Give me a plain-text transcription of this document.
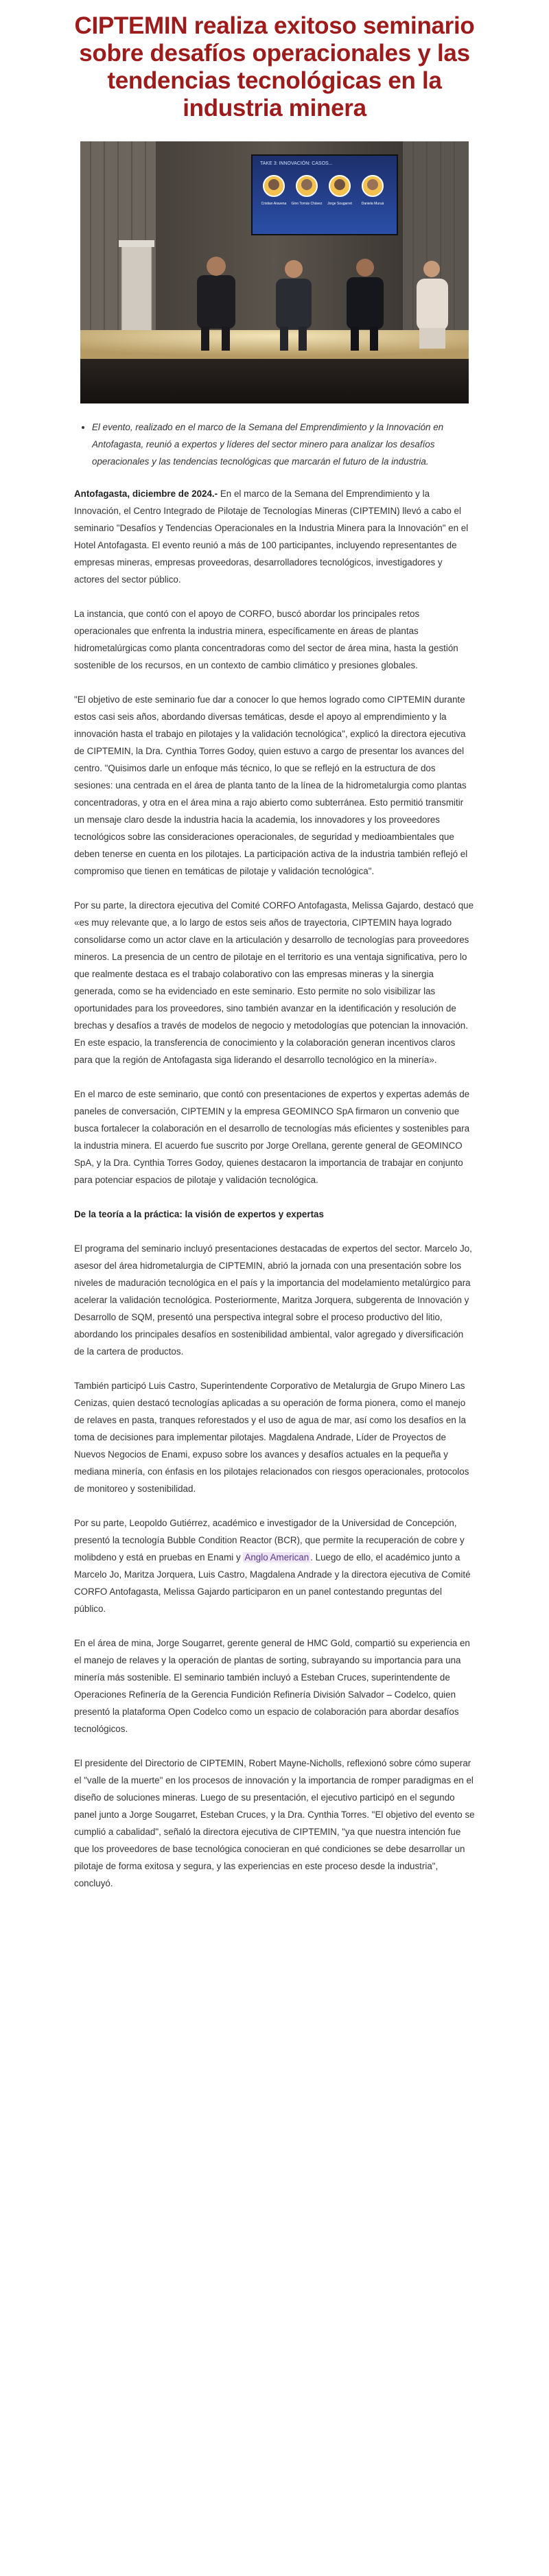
CIPTEMIN realiza exitoso seminario sobre desafíos operacionales y las tendencias tecnológicas en la industria minera
TAKE 3: INNOVACIÓN: CASOS...
Cristian Aravena Gino Tomás Chávez Jorge Sougarret	Daniela Muruá
• El evento, realizado en el marco de la Semana del Emprendimiento y la Innovación en Antofagasta, reunió a expertos y líderes del sector minero para analizar los desafíos operacionales y las tendencias tecnológicas que marcarán el futuro de la industria.

Antofagasta, diciembre de 2024.- En el marco de la Semana del Emprendimiento y la Innovación, el Centro Integrado de Pilotaje de Tecnologías Mineras (CIPTEMIN) llevó a cabo el seminario "Desafíos y Tendencias Operacionales en la Industria Minera para la Innovación" en el Hotel Antofagasta. El evento reunió a más de 100 participantes, incluyendo representantes de empresas mineras, empresas proveedoras, desarrolladores tecnológicos, investigadores y actores del sector público.

La instancia, que contó con el apoyo de CORFO, buscó abordar los principales retos operacionales que enfrenta la industria minera, específicamente en áreas de plantas hidrometalúrgicas como planta concentradoras como del sector de área mina, hasta la gestión sostenible de los recursos, en un contexto de cambio climático y presiones globales.

"El objetivo de este seminario fue dar a conocer lo que hemos logrado como CIPTEMIN durante estos casi seis años, abordando diversas temáticas, desde el apoyo al emprendimiento y la innovación hasta el trabajo en pilotajes y la validación tecnológica", explicó la directora ejecutiva de CIPTEMIN, la Dra. Cynthia Torres Godoy, quien estuvo a cargo de presentar los avances del centro. "Quisimos darle un enfoque más técnico, lo que se reflejó en la estructura de dos sesiones: una centrada en el área de planta tanto de la línea de la hidrometalurgia como plantas concentradoras, y otra en el área mina a rajo abierto como subterránea. Esto permitió transmitir un mensaje claro desde la industria hacia la academia, los innovadores y los proveedores tecnológicos sobre las consideraciones operacionales, de seguridad y medioambientales que deben tenerse en cuenta en los pilotajes. La participación activa de la industria también reflejó el compromiso que tienen en temáticas de pilotaje y validación tecnológica".

Por su parte, la directora ejecutiva del Comité CORFO Antofagasta, Melissa Gajardo, destacó que «es muy relevante que, a lo largo de estos seis años de trayectoria, CIPTEMIN haya logrado consolidarse como un actor clave en la articulación y desarrollo de tecnologías para proveedores mineros. La presencia de un centro de pilotaje en el territorio es una ventaja significativa, pero lo que realmente destaca es el trabajo colaborativo con las empresas mineras y la sinergia generada, como se ha evidenciado en este seminario. Esto permite no solo visibilizar las oportunidades para los proveedores, sino también avanzar en la identificación y resolución de brechas y desafíos a través de modelos de negocio y metodologías que potencian la innovación. En este espacio, la transferencia de conocimiento y la colaboración generan incentivos claros para que la región de Antofagasta siga liderando el desarrollo tecnológico en la minería».

En el marco de este seminario, que contó con presentaciones de expertos y expertas además de paneles de conversación, CIPTEMIN y la empresa GEOMINCO SpA firmaron un convenio que busca fortalecer la colaboración en el desarrollo de tecnologías más eficientes y sostenibles para la industria minera. El acuerdo fue suscrito por Jorge Orellana, gerente general de GEOMINCO SpA, y la Dra. Cynthia Torres Godoy, quienes destacaron la importancia de trabajar en conjunto para potenciar espacios de pilotaje y validación tecnológica.

De la teoría a la práctica: la visión de expertos y expertas

El programa del seminario incluyó presentaciones destacadas de expertos del sector. Marcelo Jo, asesor del área hidrometalurgia de CIPTEMIN, abrió la jornada con una presentación sobre los niveles de maduración tecnológica en el país y la importancia del modelamiento metalúrgico para acelerar la validación tecnológica. Posteriormente, Maritza Jorquera, subgerenta de Innovación y Desarrollo de SQM, presentó una perspectiva integral sobre el proceso productivo del litio, abordando los principales desafíos en sostenibilidad ambiental, valor agregado y diversificación de la cartera de productos.

También participó Luis Castro, Superintendente Corporativo de Metalurgia de Grupo Minero Las Cenizas, quien destacó tecnologías aplicadas a su operación de forma pionera, como el manejo de relaves en pasta, tranques reforestados y el uso de agua de mar, así como los desafíos en la toma de decisiones para implementar pilotajes. Magdalena Andrade, Líder de Proyectos de Nuevos Negocios de Enami, expuso sobre los avances y desafíos actuales en la pequeña y mediana minería, con énfasis en los pilotajes relacionados con riesgos operacionales, protocolos de monitoreo y sostenibilidad.

Por su parte, Leopoldo Gutiérrez, académico e investigador de la Universidad de Concepción, presentó la tecnología Bubble Condition Reactor (BCR), que permite la recuperación de cobre y molibdeno y está en pruebas en Enami y Anglo American . Luego de ello, el académico junto a Marcelo Jo, Maritza Jorquera, Luis Castro, Magdalena Andrade y la directora ejecutiva de Comité CORFO Antofagasta, Melissa Gajardo participaron en un panel contestando preguntas del público.

En el área de mina, Jorge Sougarret, gerente general de HMC Gold, compartió su experiencia en el manejo de relaves y la operación de plantas de sorting, subrayando su importancia para una minería más sostenible. El seminario también incluyó a Esteban Cruces, superintendente de Operaciones Refinería de la Gerencia Fundición Refinería División Salvador – Codelco, quien presentó la plataforma Open Codelco como un espacio de colaboración para abordar desafíos tecnológicos.

El presidente del Directorio de CIPTEMIN, Robert Mayne-Nicholls, reflexionó sobre cómo superar el "valle de la muerte" en los procesos de innovación y la importancia de romper paradigmas en el diseño de soluciones mineras. Luego de su presentación, el ejecutivo participó en el segundo panel junto a Jorge Sougarret, Esteban Cruces, y la Dra. Cynthia Torres. "El objetivo del evento se cumplió a cabalidad", señaló la directora ejecutiva de CIPTEMIN, "ya que nuestra intención fue que los proveedores de base tecnológica conocieran en qué condiciones se debe desarrollar un pilotaje de forma exitosa y segura, y las experiencias en este proceso desde la industria", concluyó.
